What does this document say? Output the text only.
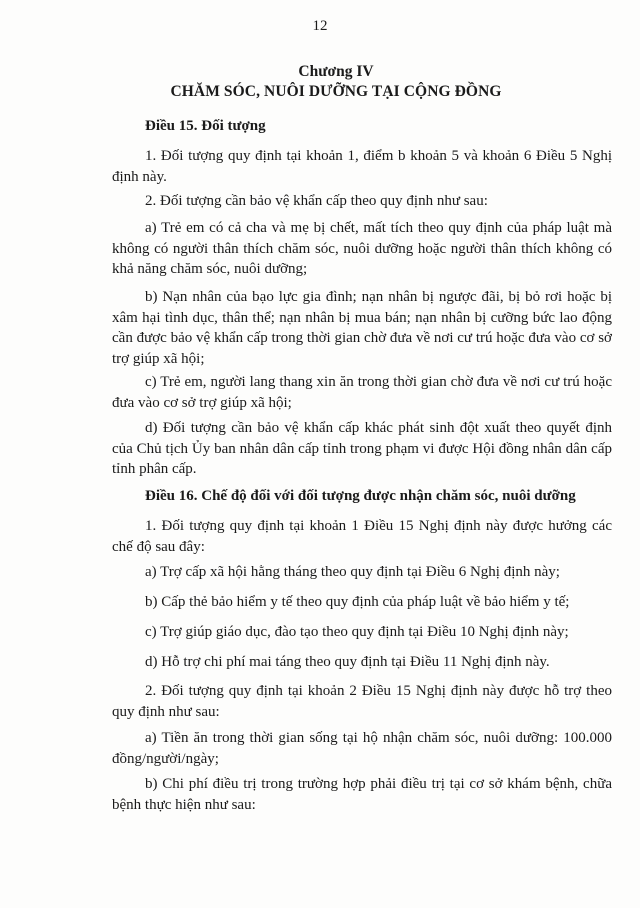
12
Chương IV
CHĂM SÓC, NUÔI DƯỠNG TẠI CỘNG ĐỒNG
Điều 15. Đối tượng
1. Đối tượng quy định tại khoản 1, điểm b khoản 5 và khoản 6 Điều 5 Nghị định này.
2. Đối tượng cần bảo vệ khẩn cấp theo quy định như sau:
a) Trẻ em có cả cha và mẹ bị chết, mất tích theo quy định của pháp luật mà không có người thân thích chăm sóc, nuôi dưỡng hoặc người thân thích không có khả năng chăm sóc, nuôi dưỡng;
b) Nạn nhân của bạo lực gia đình; nạn nhân bị ngược đãi, bị bỏ rơi hoặc bị xâm hại tình dục, thân thể; nạn nhân bị mua bán; nạn nhân bị cưỡng bức lao động cần được bảo vệ khẩn cấp trong thời gian chờ đưa về nơi cư trú hoặc đưa vào cơ sở trợ giúp xã hội;
c) Trẻ em, người lang thang xin ăn trong thời gian chờ đưa về nơi cư trú hoặc đưa vào cơ sở trợ giúp xã hội;
d) Đối tượng cần bảo vệ khẩn cấp khác phát sinh đột xuất theo quyết định của Chủ tịch Ủy ban nhân dân cấp tỉnh trong phạm vi được Hội đồng nhân dân cấp tỉnh phân cấp.
Điều 16. Chế độ đối với đối tượng được nhận chăm sóc, nuôi dưỡng
1. Đối tượng quy định tại khoản 1 Điều 15 Nghị định này được hưởng các chế độ sau đây:
a) Trợ cấp xã hội hằng tháng theo quy định tại Điều 6 Nghị định này;
b) Cấp thẻ bảo hiểm y tế theo quy định của pháp luật về bảo hiểm y tế;
c) Trợ giúp giáo dục, đào tạo theo quy định tại Điều 10 Nghị định này;
d) Hỗ trợ chi phí mai táng theo quy định tại Điều 11 Nghị định này.
2. Đối tượng quy định tại khoản 2 Điều 15 Nghị định này được hỗ trợ theo quy định như sau:
a) Tiền ăn trong thời gian sống tại hộ nhận chăm sóc, nuôi dưỡng: 100.000 đồng/người/ngày;
b) Chi phí điều trị trong trường hợp phải điều trị tại cơ sở khám bệnh, chữa bệnh thực hiện như sau:
